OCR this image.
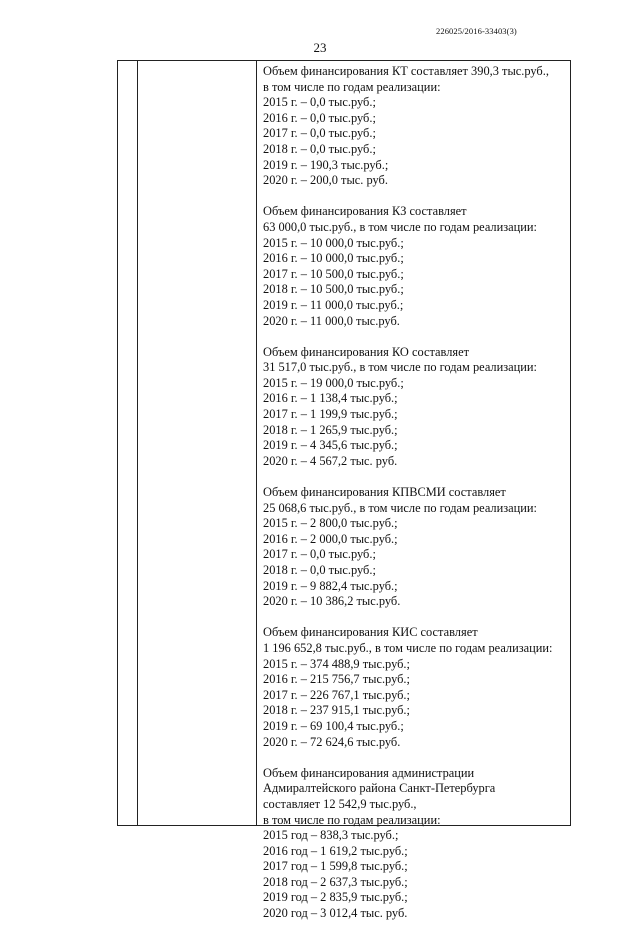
226025/2016-33403(3)
23
Объем финансирования КТ составляет 390,3 тыс.руб.,
в том числе по годам реализации:
2015 г. – 0,0 тыс.руб.;
2016 г. – 0,0 тыс.руб.;
2017 г. – 0,0 тыс.руб.;
2018 г. – 0,0 тыс.руб.;
2019 г. – 190,3 тыс.руб.;
2020 г. – 200,0 тыс. руб.
Объем финансирования КЗ составляет
63 000,0 тыс.руб., в том числе по годам реализации:
2015 г. – 10 000,0 тыс.руб.;
2016 г. – 10 000,0 тыс.руб.;
2017 г. – 10 500,0 тыс.руб.;
2018 г. – 10 500,0 тыс.руб.;
2019 г. – 11 000,0 тыс.руб.;
2020 г. – 11 000,0 тыс.руб.
Объем финансирования КО составляет
31 517,0 тыс.руб., в том числе по годам реализации:
2015 г. – 19 000,0 тыс.руб.;
2016 г. – 1 138,4 тыс.руб.;
2017 г. – 1 199,9 тыс.руб.;
2018 г. – 1 265,9 тыс.руб.;
2019 г. – 4 345,6 тыс.руб.;
2020 г. – 4 567,2 тыс. руб.
Объем финансирования КПВСМИ составляет
25 068,6 тыс.руб., в том числе по годам реализации:
2015 г. – 2 800,0 тыс.руб.;
2016 г. – 2 000,0 тыс.руб.;
2017 г. – 0,0 тыс.руб.;
2018 г. – 0,0 тыс.руб.;
2019 г. – 9 882,4 тыс.руб.;
2020 г. – 10 386,2 тыс.руб.
Объем финансирования КИС составляет
1 196 652,8 тыс.руб., в том числе по годам реализации:
2015 г. – 374 488,9 тыс.руб.;
2016 г. – 215 756,7 тыс.руб.;
2017 г. – 226 767,1 тыс.руб.;
2018 г. – 237 915,1 тыс.руб.;
2019 г. – 69 100,4 тыс.руб.;
2020 г. – 72 624,6 тыс.руб.
Объем финансирования администрации
Адмиралтейского района Санкт-Петербурга
составляет 12 542,9 тыс.руб.,
в том числе по годам реализации:
2015 год – 838,3 тыс.руб.;
2016 год – 1 619,2 тыс.руб.;
2017 год – 1 599,8 тыс.руб.;
2018 год – 2 637,3 тыс.руб.;
2019 год – 2 835,9 тыс.руб.;
2020 год – 3 012,4 тыс. руб.
